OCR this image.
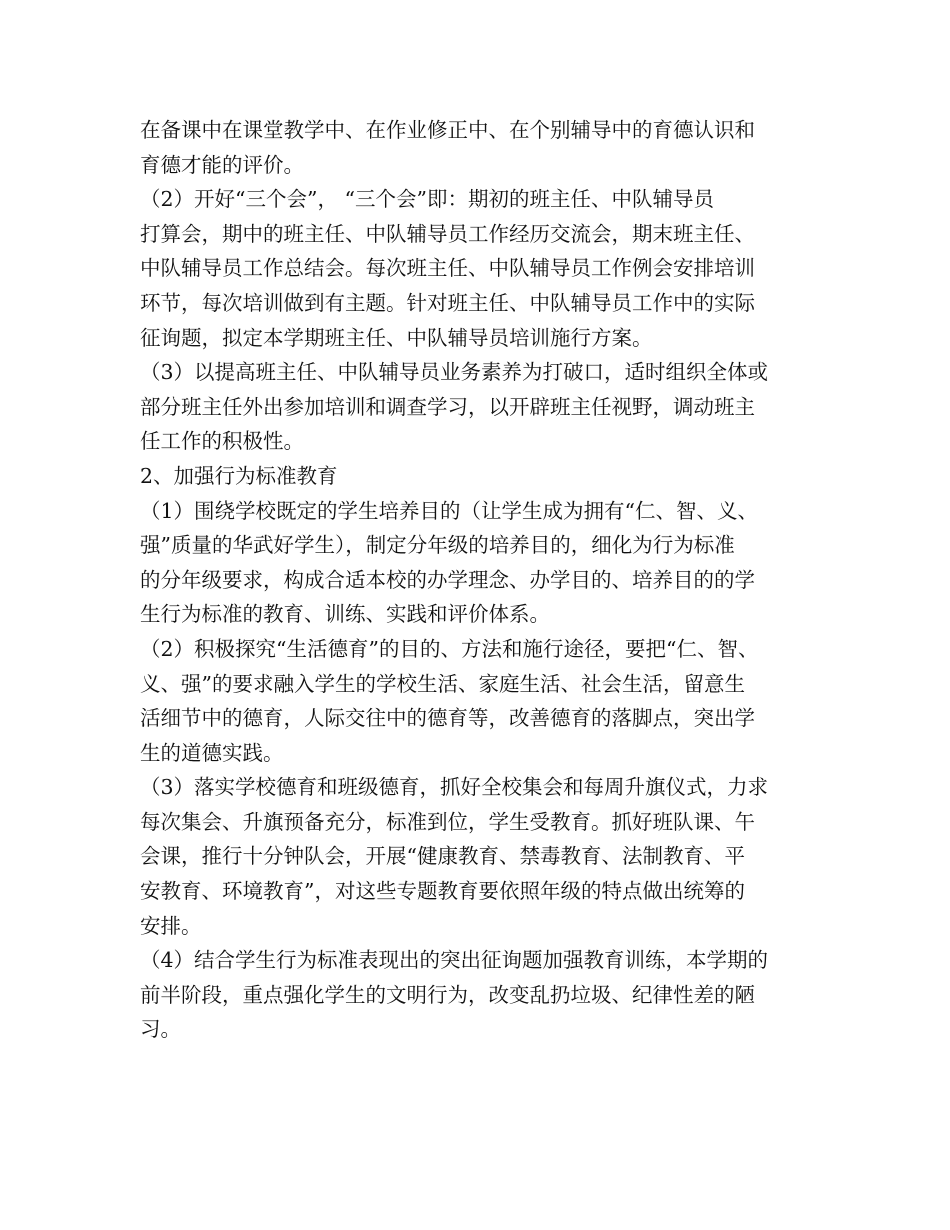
在备课中在课堂教学中、在作业修正中、在个别辅导中的育德认识和
育德才能的评价。
（2）开好“三个会”， “三个会”即：期初的班主任、中队辅导员
打算会，期中的班主任、中队辅导员工作经历交流会，期末班主任、
中队辅导员工作总结会。每次班主任、中队辅导员工作例会安排培训
环节，每次培训做到有主题。针对班主任、中队辅导员工作中的实际
征询题，拟定本学期班主任、中队辅导员培训施行方案。
（3）以提高班主任、中队辅导员业务素养为打破口，适时组织全体或
部分班主任外出参加培训和调查学习，以开辟班主任视野，调动班主
任工作的积极性。
2、加强行为标准教育
（1）围绕学校既定的学生培养目的（让学生成为拥有“仁、智、义、
强”质量的华武好学生），制定分年级的培养目的，细化为行为标准
的分年级要求，构成合适本校的办学理念、办学目的、培养目的的学
生行为标准的教育、训练、实践和评价体系。
（2）积极探究“生活德育”的目的、方法和施行途径，要把“仁、智、
义、强”的要求融入学生的学校生活、家庭生活、社会生活，留意生
活细节中的德育，人际交往中的德育等，改善德育的落脚点，突出学
生的道德实践。
（3）落实学校德育和班级德育，抓好全校集会和每周升旗仪式，力求
每次集会、升旗预备充分，标准到位，学生受教育。抓好班队课、午
会课，推行十分钟队会，开展“健康教育、禁毒教育、法制教育、平
安教育、环境教育”，对这些专题教育要依照年级的特点做出统筹的
安排。
（4）结合学生行为标准表现出的突出征询题加强教育训练，本学期的
前半阶段，重点强化学生的文明行为，改变乱扔垃圾、纪律性差的陋
习。
